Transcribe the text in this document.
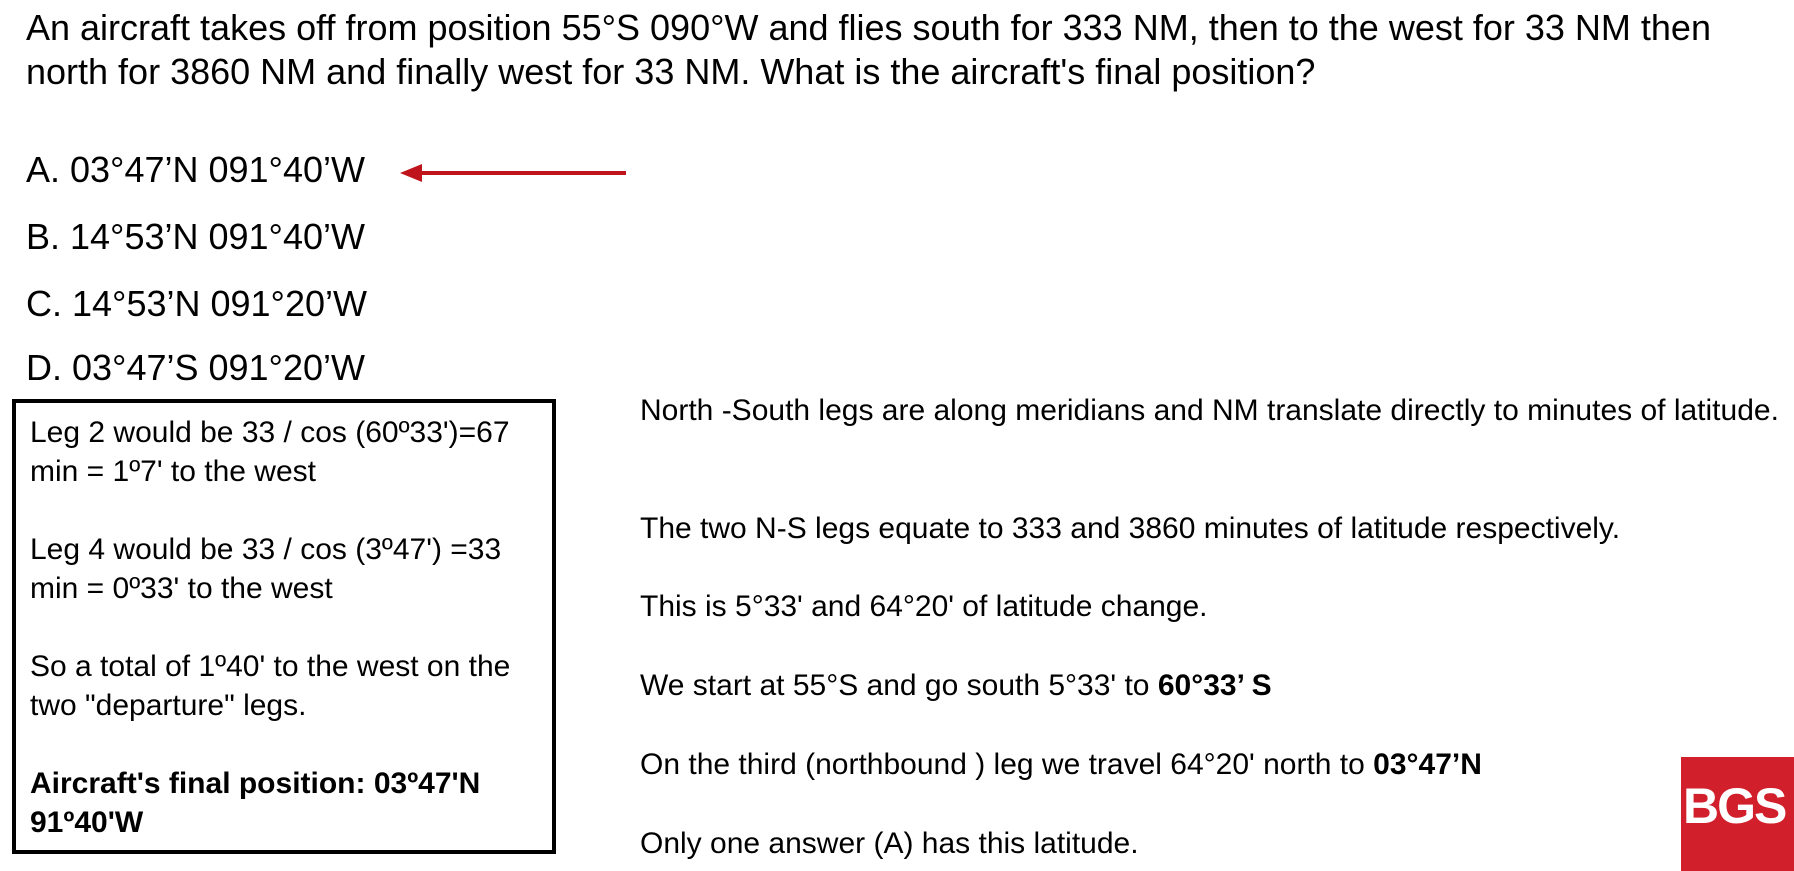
An aircraft takes off from position 55°S 090°W and flies south for 333 NM, then to the west for 33 NM then north for 3860 NM and finally west for 33 NM. What is the aircraft's final position?
A. 03°47’N 091°40’W
B. 14°53’N 091°40’W
C. 14°53’N 091°20’W
D. 03°47’S 091°20’W

Leg 2 would be 33 / cos (60º33')=67 min = 1º7' to the west

Leg 4 would be 33 / cos (3º47') =33 min = 0º33' to the west

So a total of 1º40' to the west on the two "departure" legs.

Aircraft's final position: 03º47'N 91º40'W

North -South legs are along meridians and NM translate directly to minutes of latitude.
The two N-S legs equate to 333 and 3860 minutes of latitude respectively.
This is 5°33' and 64°20' of latitude change.
We start at 55°S and go south 5°33' to 60°33’ S
On the third (northbound ) leg we travel 64°20' north to 03°47’N
Only one answer (A) has this latitude.
BGS
